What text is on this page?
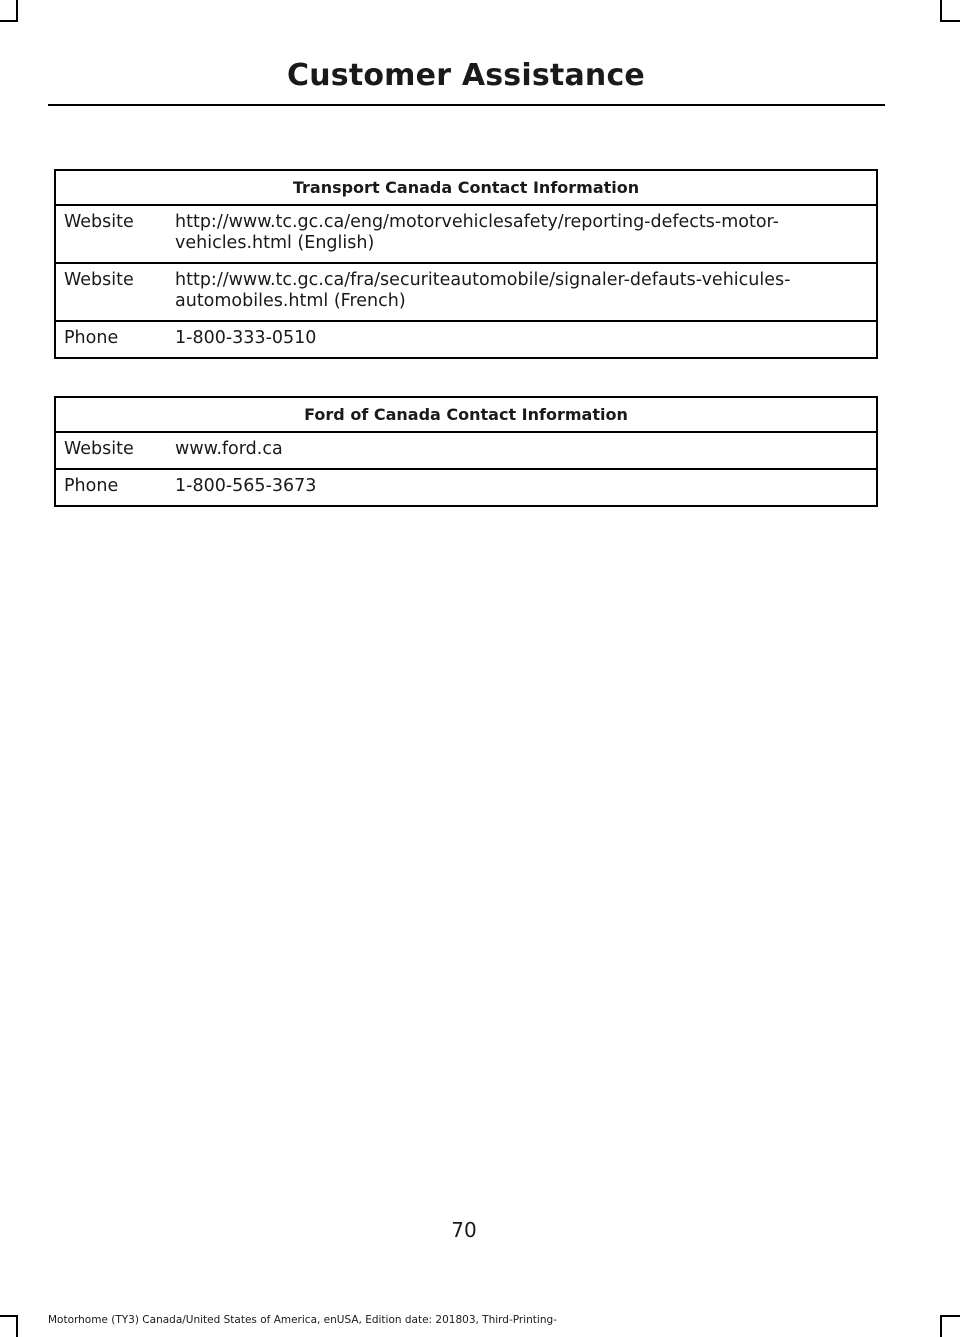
Customer Assistance
Transport Canada Contact Information	
Website	http://www.tc.gc.ca/eng/motorvehiclesafety/reporting-defects-motor-vehicles.html (English)
Website	http://www.tc.gc.ca/fra/securiteautomobile/signaler-defauts-vehicules-automobiles.html (French)
Phone	1-800-333-0510
Ford of Canada Contact Information	
Website	www.ford.ca
Phone	1-800-565-3673
70
Motorhome (TY3) Canada/United States of America, enUSA, Edition date: 201803, Third-Printing-
